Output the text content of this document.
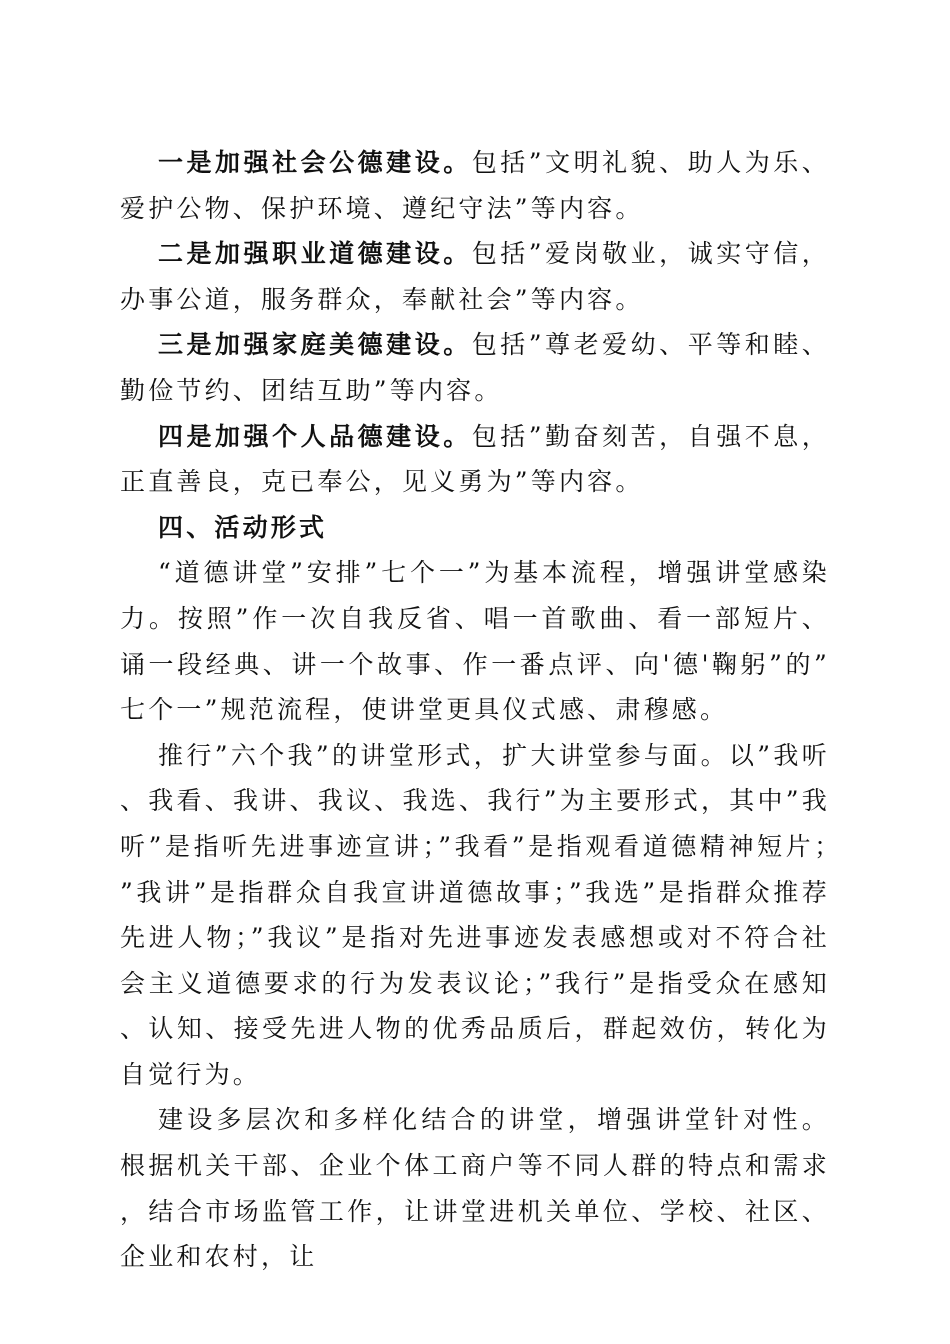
一是加强社会公德建设。包括”文明礼貌、助人为乐、爱护公物、保护环境、遵纪守法”等内容。

二是加强职业道德建设。包括”爱岗敬业，诚实守信，办事公道，服务群众，奉献社会”等内容。

三是加强家庭美德建设。包括”尊老爱幼、平等和睦、勤俭节约、团结互助”等内容。

四是加强个人品德建设。包括”勤奋刻苦，自强不息，正直善良，克已奉公，见义勇为”等内容。

四、活动形式

“道德讲堂”安排”七个一”为基本流程，增强讲堂感染力。按照”作一次自我反省、唱一首歌曲、看一部短片、诵一段经典、讲一个故事、作一番点评、向'德'鞠躬”的”七个一”规范流程，使讲堂更具仪式感、肃穆感。

推行”六个我”的讲堂形式，扩大讲堂参与面。以”我听、我看、我讲、我议、我选、我行”为主要形式，其中”我听”是指听先进事迹宣讲；”我看”是指观看道德精神短片；”我讲”是指群众自我宣讲道德故事；”我选”是指群众推荐先进人物；”我议”是指对先进事迹发表感想或对不符合社会主义道德要求的行为发表议论；”我行”是指受众在感知、认知、接受先进人物的优秀品质后，群起效仿，转化为自觉行为。

建设多层次和多样化结合的讲堂，增强讲堂针对性。根据机关干部、企业个体工商户等不同人群的特点和需求，结合市场监管工作，让讲堂进机关单位、学校、社区、企业和农村，让
